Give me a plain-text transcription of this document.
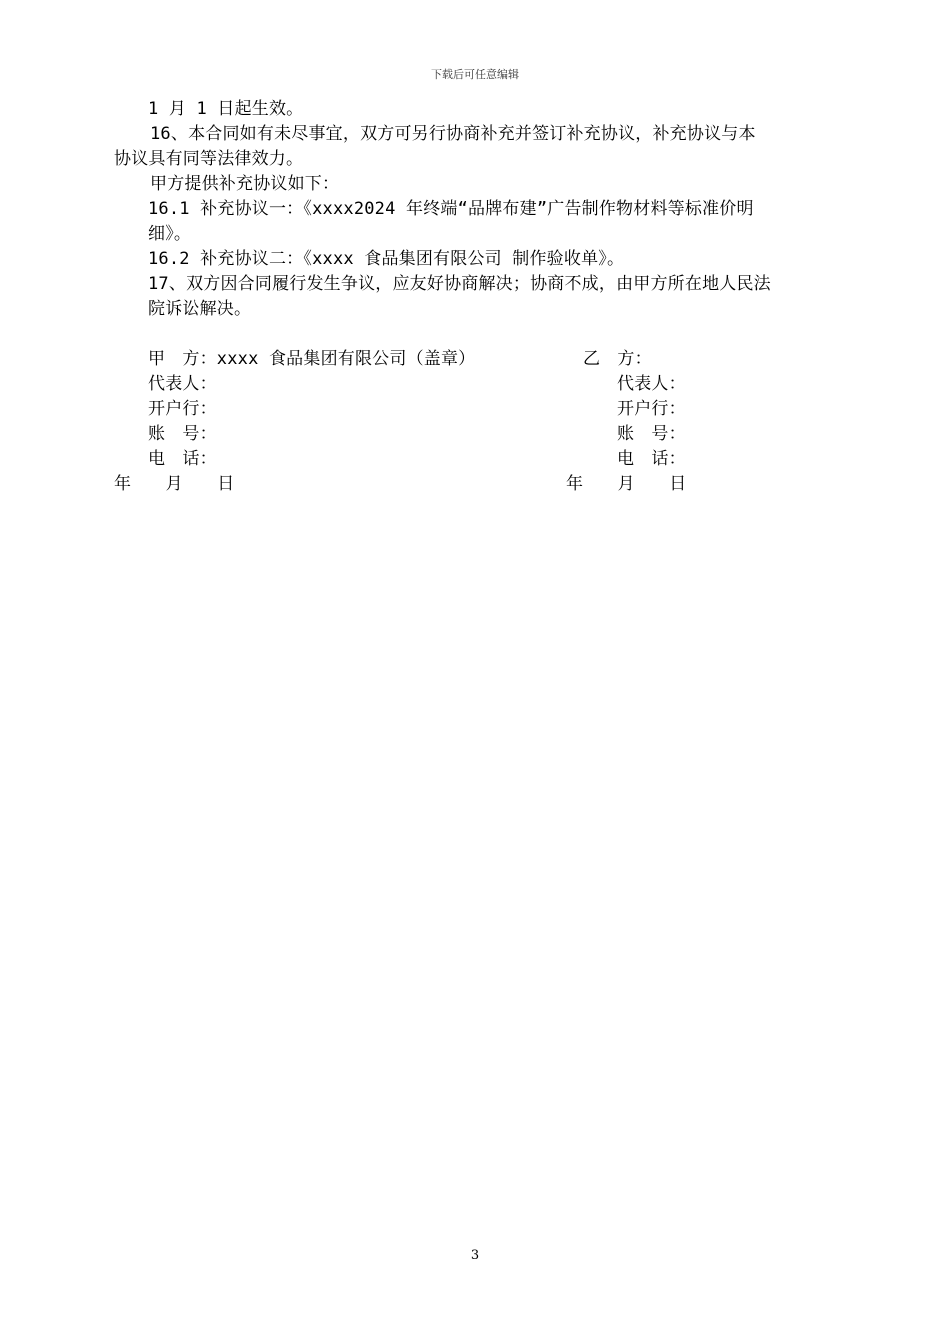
下载后可任意编辑
1 月 1 日起生效。
16、本合同如有未尽事宜，双方可另行协商补充并签订补充协议，补充协议与本
协议具有同等法律效力。
甲方提供补充协议如下：
16.1 补充协议一：《xxxx2024 年终端“品牌布建”广告制作物材料等标准价明
细》。
16.2 补充协议二：《xxxx 食品集团有限公司 制作验收单》。
17、双方因合同履行发生争议，应友好协商解决；协商不成，由甲方所在地人民法
院诉讼解决。
甲　方：xxxx 食品集团有限公司（盖章）
代表人：
开户行：
账　号：
电　话：
年　　月　　日
乙　方：
代表人：
开户行：
账　号：
电　话：
年　　月　　日
3
